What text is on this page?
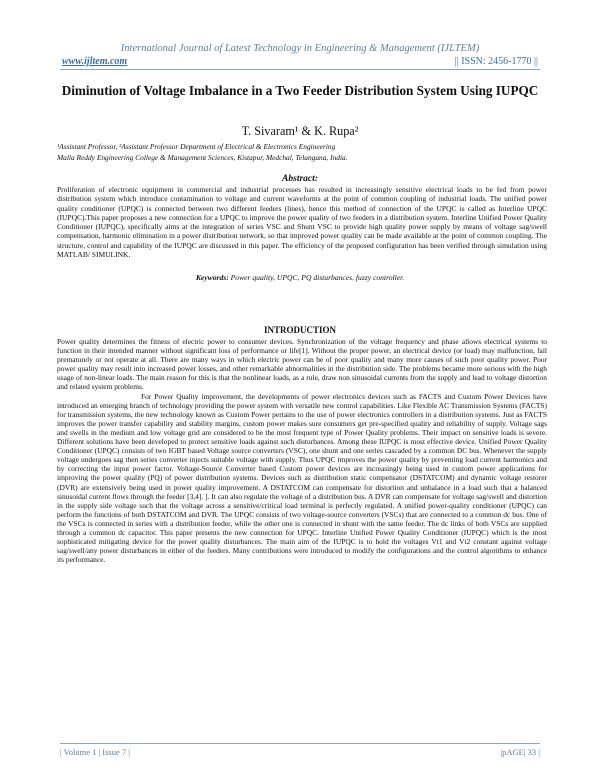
International Journal of Latest Technology in Engineering & Management (IJLTEM)
www.ijltem.com	|| ISSN: 2456-1770 ||
Diminution of Voltage Imbalance in a Two Feeder Distribution System Using IUPQC
T. Sivaram¹ & K. Rupa²
¹Assistant Professor, ²Assistant Professor Department of Electrical & Electronics Engineering
Malla Reddy Engineering College & Management Sciences, Kistapur, Medchal, Telangana, India.
Abstract:
Proliferation of electronic equipment in commercial and industrial processes has resulted in increasingly sensitive electrical loads to be fed from power distribution system which introduce contamination to voltage and current waveforms at the point of common coupling of industrial loads. The unified power quality conditioner (UPQC) is connected between two different feeders (lines), hence this method of connection of the UPQC is called as Interline UPQC (IUPQC).This paper proposes a new connection for a UPQC to improve the power quality of two feeders in a distribution system. Interline Unified Power Quality Conditioner (IUPQC), specifically aims at the integration of series VSC and Shunt VSC to provide high quality power supply by means of voltage sag/swell compensation, harmonic elimination in a power distribution network, so that improved power quality can be made available at the point of common coupling. The structure, control and capability of the IUPQC are discussed in this paper. The efficiency of the proposed configuration has been verified through simulation using MATLAB/ SIMULINK.
Keywords: Power quality, UPQC, PQ disturbances, fuzzy controller.
INTRODUCTION

Power quality determines the fitness of electric power to consumer devices. Synchronization of the voltage frequency and phase allows electrical systems to function in their intended manner without significant loss of performance or life[1]. Without the proper power, an electrical device (or load) may malfunction, fail prematurely or not operate at all. There are many ways in which electric power can be of poor quality and many more causes of such poor quality power. Poor power quality may result into increased power losses, and other remarkable abnormalities in the distribution side. The problems became more serious with the high usage of non-linear loads. The main reason for this is that the nonlinear loads, as a rule, draw non sinusoidal currents from the supply and lead to voltage distortion and related system problems.

For Power Quality improvement, the developments of power electronics devices such as FACTS and Custom Power Devices have introduced an emerging branch of technology providing the power system with versatile new control capabilities. Like Flexible AC Transmission Systems (FACTS) for transmission systems, the new technology known as Custom Power pertains to the use of power electronics controllers in a distribution systems. Just as FACTS improves the power transfer capability and stability margins, custom power makes sure consumers get pre-specified quality and reliability of supply. Voltage sags and swells in the medium and low voltage grid are considered to be the most frequent type of Power Quality problems. Their impact on sensitive loads is severe. Different solutions have been developed to protect sensitive loads against such disturbances. Among these IUPQC is most effective device. Unified Power Quality Conditioner (UPQC) consists of two IGBT based Voltage source converters (VSC), one shunt and one series cascaded by a common DC bus. Whenever the supply voltage undergoes sag then series converter injects suitable voltage with supply. Thus UPQC improves the power quality by preventing load current harmonics and by correcting the input power factor. Voltage-Source Converter based Custom power devices are increasingly being used in custom power applications for improving the power quality (PQ) of power distribution systems. Devices such as distribution static compensator (DSTATCOM) and dynamic voltage restorer (DVR) are extensively being used in power quality improvement. A DSTATCOM can compensate for distortion and unbalance in a load such that a balanced sinusoidal current flows through the feeder [3,4]. ]. It can also regulate the voltage of a distribution bus. A DVR can compensate for voltage sag/swell and distortion in the supply side voltage such that the voltage across a sensitive/critical load terminal is perfectly regulated. A unified power-quality conditioner (UPQC) can perform the functions of both DSTATCOM and DVR. The UPQC consists of two voltage-source converters (VSCs) that are connected to a common dc bus. One of the VSCs is connected in series with a distribution feeder, while the other one is connected in shunt with the same feeder. The dc links of both VSCs are supplied through a common dc capacitor. This paper presents the new connection for UPQC. Interline Unified Power Quality Conditioner (IUPQC) which is the most sophisticated mitigating device for the power quality disturbances. The main aim of the IUPQC is to hold the voltages Vt1 and Vt2 constant against voltage sag/swell/any power disturbances in either of the feeders. Many contributions were introduced to modify the configurations and the control algorithms to enhance its performance.

| Volume 1 | Issue 7 |	|pAGE| 33 |
